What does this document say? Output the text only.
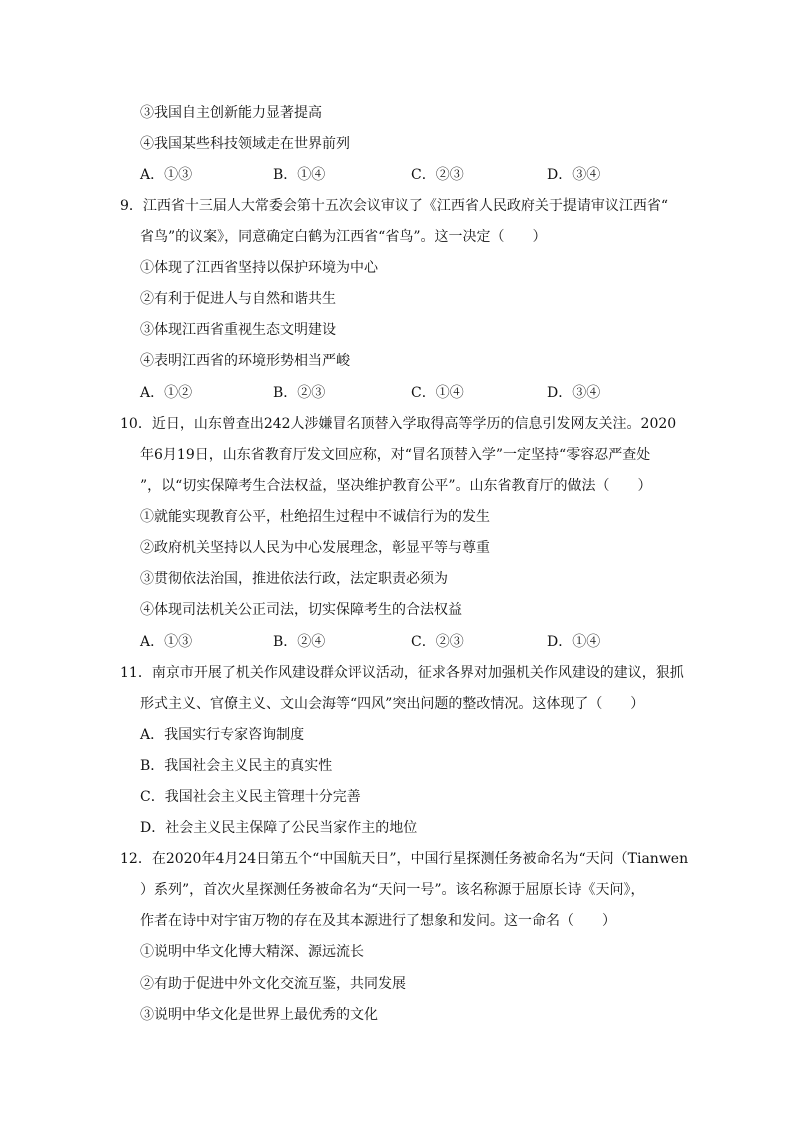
③我国自主创新能力显著提高
④我国某些科技领域走在世界前列
A．①③	B．①④	C．②③	D．③④
9．江西省十三届人大常委会第十五次会议审议了《江西省人民政府关于提请审议江西省“
省鸟”的议案》，同意确定白鹤为江西省“省鸟”。这一决定（　　）
①体现了江西省坚持以保护环境为中心
②有利于促进人与自然和谐共生
③体现江西省重视生态文明建设
④表明江西省的环境形势相当严峻
A．①②	B．②③	C．①④	D．③④
10．近日，山东曾查出242人涉嫌冒名顶替入学取得高等学历的信息引发网友关注。2020
年6月19日，山东省教育厅发文回应称，对“冒名顶替入学”一定坚持“零容忍严查处
”，以“切实保障考生合法权益，坚决维护教育公平”。山东省教育厅的做法（　　）
①就能实现教育公平，杜绝招生过程中不诚信行为的发生
②政府机关坚持以人民为中心发展理念，彰显平等与尊重
③贯彻依法治国，推进依法行政，法定职责必须为
④体现司法机关公正司法，切实保障考生的合法权益
A．①③	B．②④	C．②③	D．①④
11．南京市开展了机关作风建设群众评议活动，征求各界对加强机关作风建设的建议，狠抓
形式主义、官僚主义、文山会海等“四风”突出问题的整改情况。这体现了（　　）
A．我国实行专家咨询制度
B．我国社会主义民主的真实性
C．我国社会主义民主管理十分完善
D．社会主义民主保障了公民当家作主的地位
12．在2020年4月24日第五个“中国航天日”，中国行星探测任务被命名为“天问（Tianwen
）系列”，首次火星探测任务被命名为“天问一号”。该名称源于屈原长诗《天问》，
作者在诗中对宇宙万物的存在及其本源进行了想象和发问。这一命名（　　）
①说明中华文化博大精深、源远流长
②有助于促进中外文化交流互鉴，共同发展
③说明中华文化是世界上最优秀的文化
